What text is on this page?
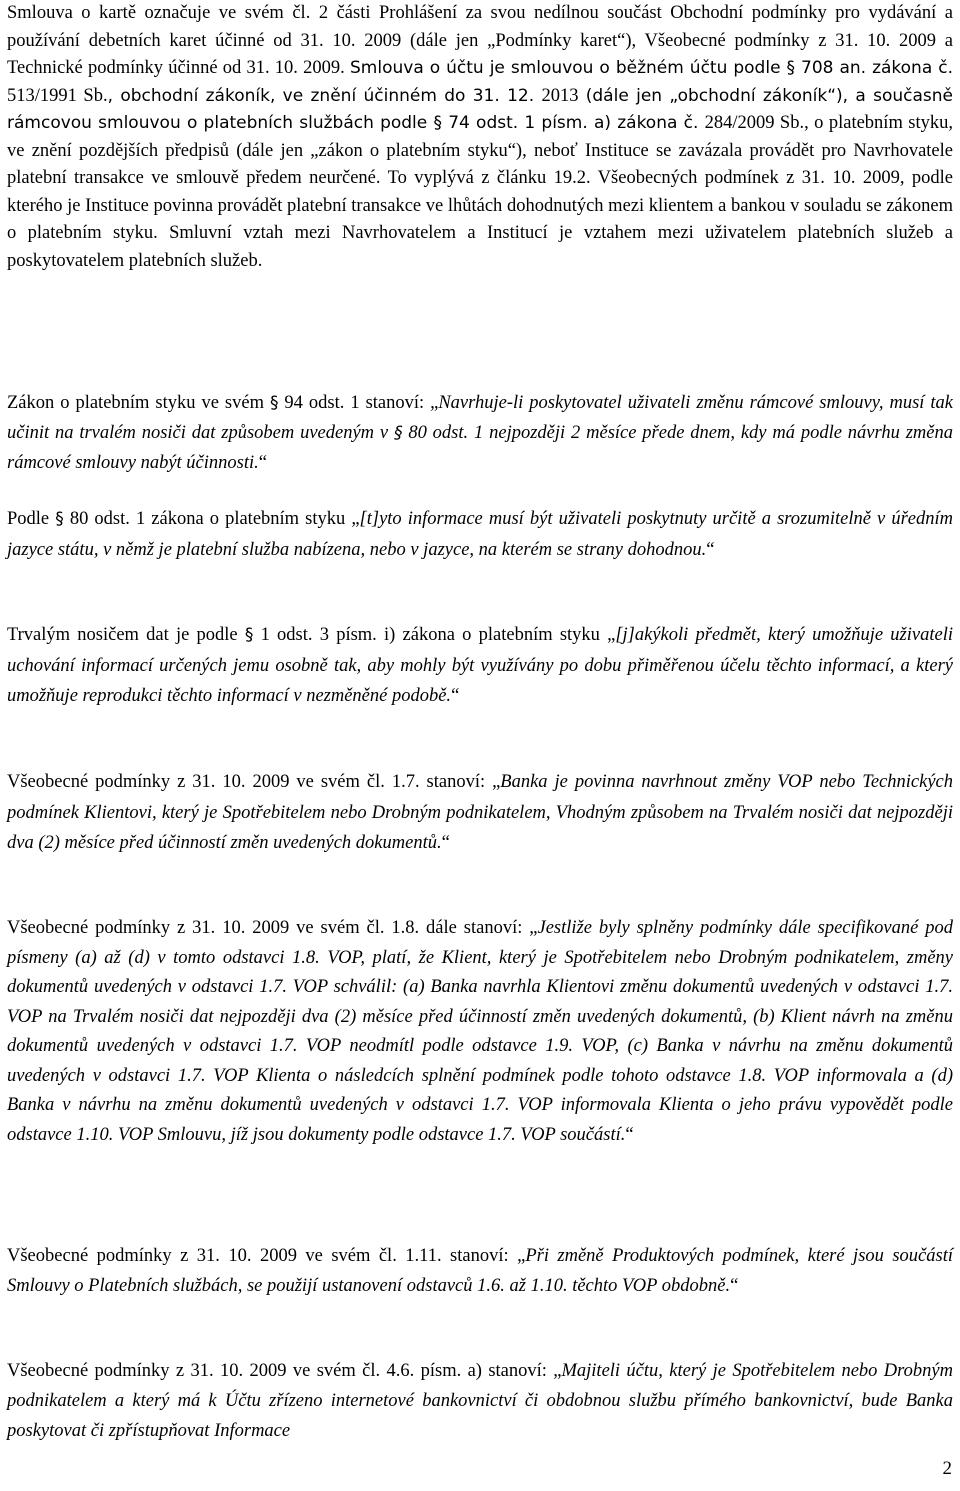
Smlouva o kartě označuje ve svém čl. 2 části Prohlášení za svou nedílnou součást Obchodní podmínky pro vydávání a používání debetních karet účinné od 31. 10. 2009 (dále jen „Podmínky karet“), Všeobecné podmínky z 31. 10. 2009 a Technické podmínky účinné od 31. 10. 2009. Smlouva o účtu je smlouvou o běžném účtu podle § 708 an. zákona č. 513/1991 Sb., obchodní zákoník, ve znění účinném do 31. 12. 2013 (dále jen „obchodní zákoník“), a současně rámcovou smlouvou o platebních službách podle § 74 odst. 1 písm. a) zákona č. 284/2009 Sb., o platebním styku, ve znění pozdějších předpisů (dále jen „zákon o platebním styku“), neboť Instituce se zavázala provádět pro Navrhovatele platební transakce ve smlouvě předem neurčené. To vyplývá z článku 19.2. Všeobecných podmínek z 31. 10. 2009, podle kterého je Instituce povinna provádět platební transakce ve lhůtách dohodnutých mezi klientem a bankou v souladu se zákonem o platebním styku. Smluvní vztah mezi Navrhovatelem a Institucí je vztahem mezi uživatelem platebních služeb a poskytovatelem platebních služeb.

Zákon o platebním styku ve svém § 94 odst. 1 stanoví: „Navrhuje-li poskytovatel uživateli změnu rámcové smlouvy, musí tak učinit na trvalém nosiči dat způsobem uvedeným v § 80 odst. 1 nejpozději 2 měsíce přede dnem, kdy má podle návrhu změna rámcové smlouvy nabýt účinnosti.“

Podle § 80 odst. 1 zákona o platebním styku „[t]yto informace musí být uživateli poskytnuty určitě a srozumitelně v úředním jazyce státu, v němž je platební služba nabízena, nebo v jazyce, na kterém se strany dohodnou.“

Trvalým nosičem dat je podle § 1 odst. 3 písm. i) zákona o platebním styku „[j]akýkoli předmět, který umožňuje uživateli uchování informací určených jemu osobně tak, aby mohly být využívány po dobu přiměřenou účelu těchto informací, a který umožňuje reprodukci těchto informací v nezměněné podobě.“

Všeobecné podmínky z 31. 10. 2009 ve svém čl. 1.7. stanoví: „Banka je povinna navrhnout změny VOP nebo Technických podmínek Klientovi, který je Spotřebitelem nebo Drobným podnikatelem, Vhodným způsobem na Trvalém nosiči dat nejpozději dva (2) měsíce před účinností změn uvedených dokumentů.“

Všeobecné podmínky z 31. 10. 2009 ve svém čl. 1.8. dále stanoví: „Jestliže byly splněny podmínky dále specifikované pod písmeny (a) až (d) v tomto odstavci 1.8. VOP, platí, že Klient, který je Spotřebitelem nebo Drobným podnikatelem, změny dokumentů uvedených v odstavci 1.7. VOP schválil: (a) Banka navrhla Klientovi změnu dokumentů uvedených v odstavci 1.7. VOP na Trvalém nosiči dat nejpozději dva (2) měsíce před účinností změn uvedených dokumentů, (b) Klient návrh na změnu dokumentů uvedených v odstavci 1.7. VOP neodmítl podle odstavce 1.9. VOP, (c) Banka v návrhu na změnu dokumentů uvedených v odstavci 1.7. VOP Klienta o následcích splnění podmínek podle tohoto odstavce 1.8. VOP informovala a (d) Banka v návrhu na změnu dokumentů uvedených v odstavci 1.7. VOP informovala Klienta o jeho právu vypovědět podle odstavce 1.10. VOP Smlouvu, jíž jsou dokumenty podle odstavce 1.7. VOP součástí.“

Všeobecné podmínky z 31. 10. 2009 ve svém čl. 1.11. stanoví: „Při změně Produktových podmínek, které jsou součástí Smlouvy o Platebních službách, se použijí ustanovení odstavců 1.6. až 1.10. těchto VOP obdobně.“

Všeobecné podmínky z 31. 10. 2009 ve svém čl. 4.6. písm. a) stanoví: „Majiteli účtu, který je Spotřebitelem nebo Drobným podnikatelem a který má k Účtu zřízeno internetové bankovnictví či obdobnou službu přímého bankovnictví, bude Banka poskytovat či zpřístupňovat Informace

2
